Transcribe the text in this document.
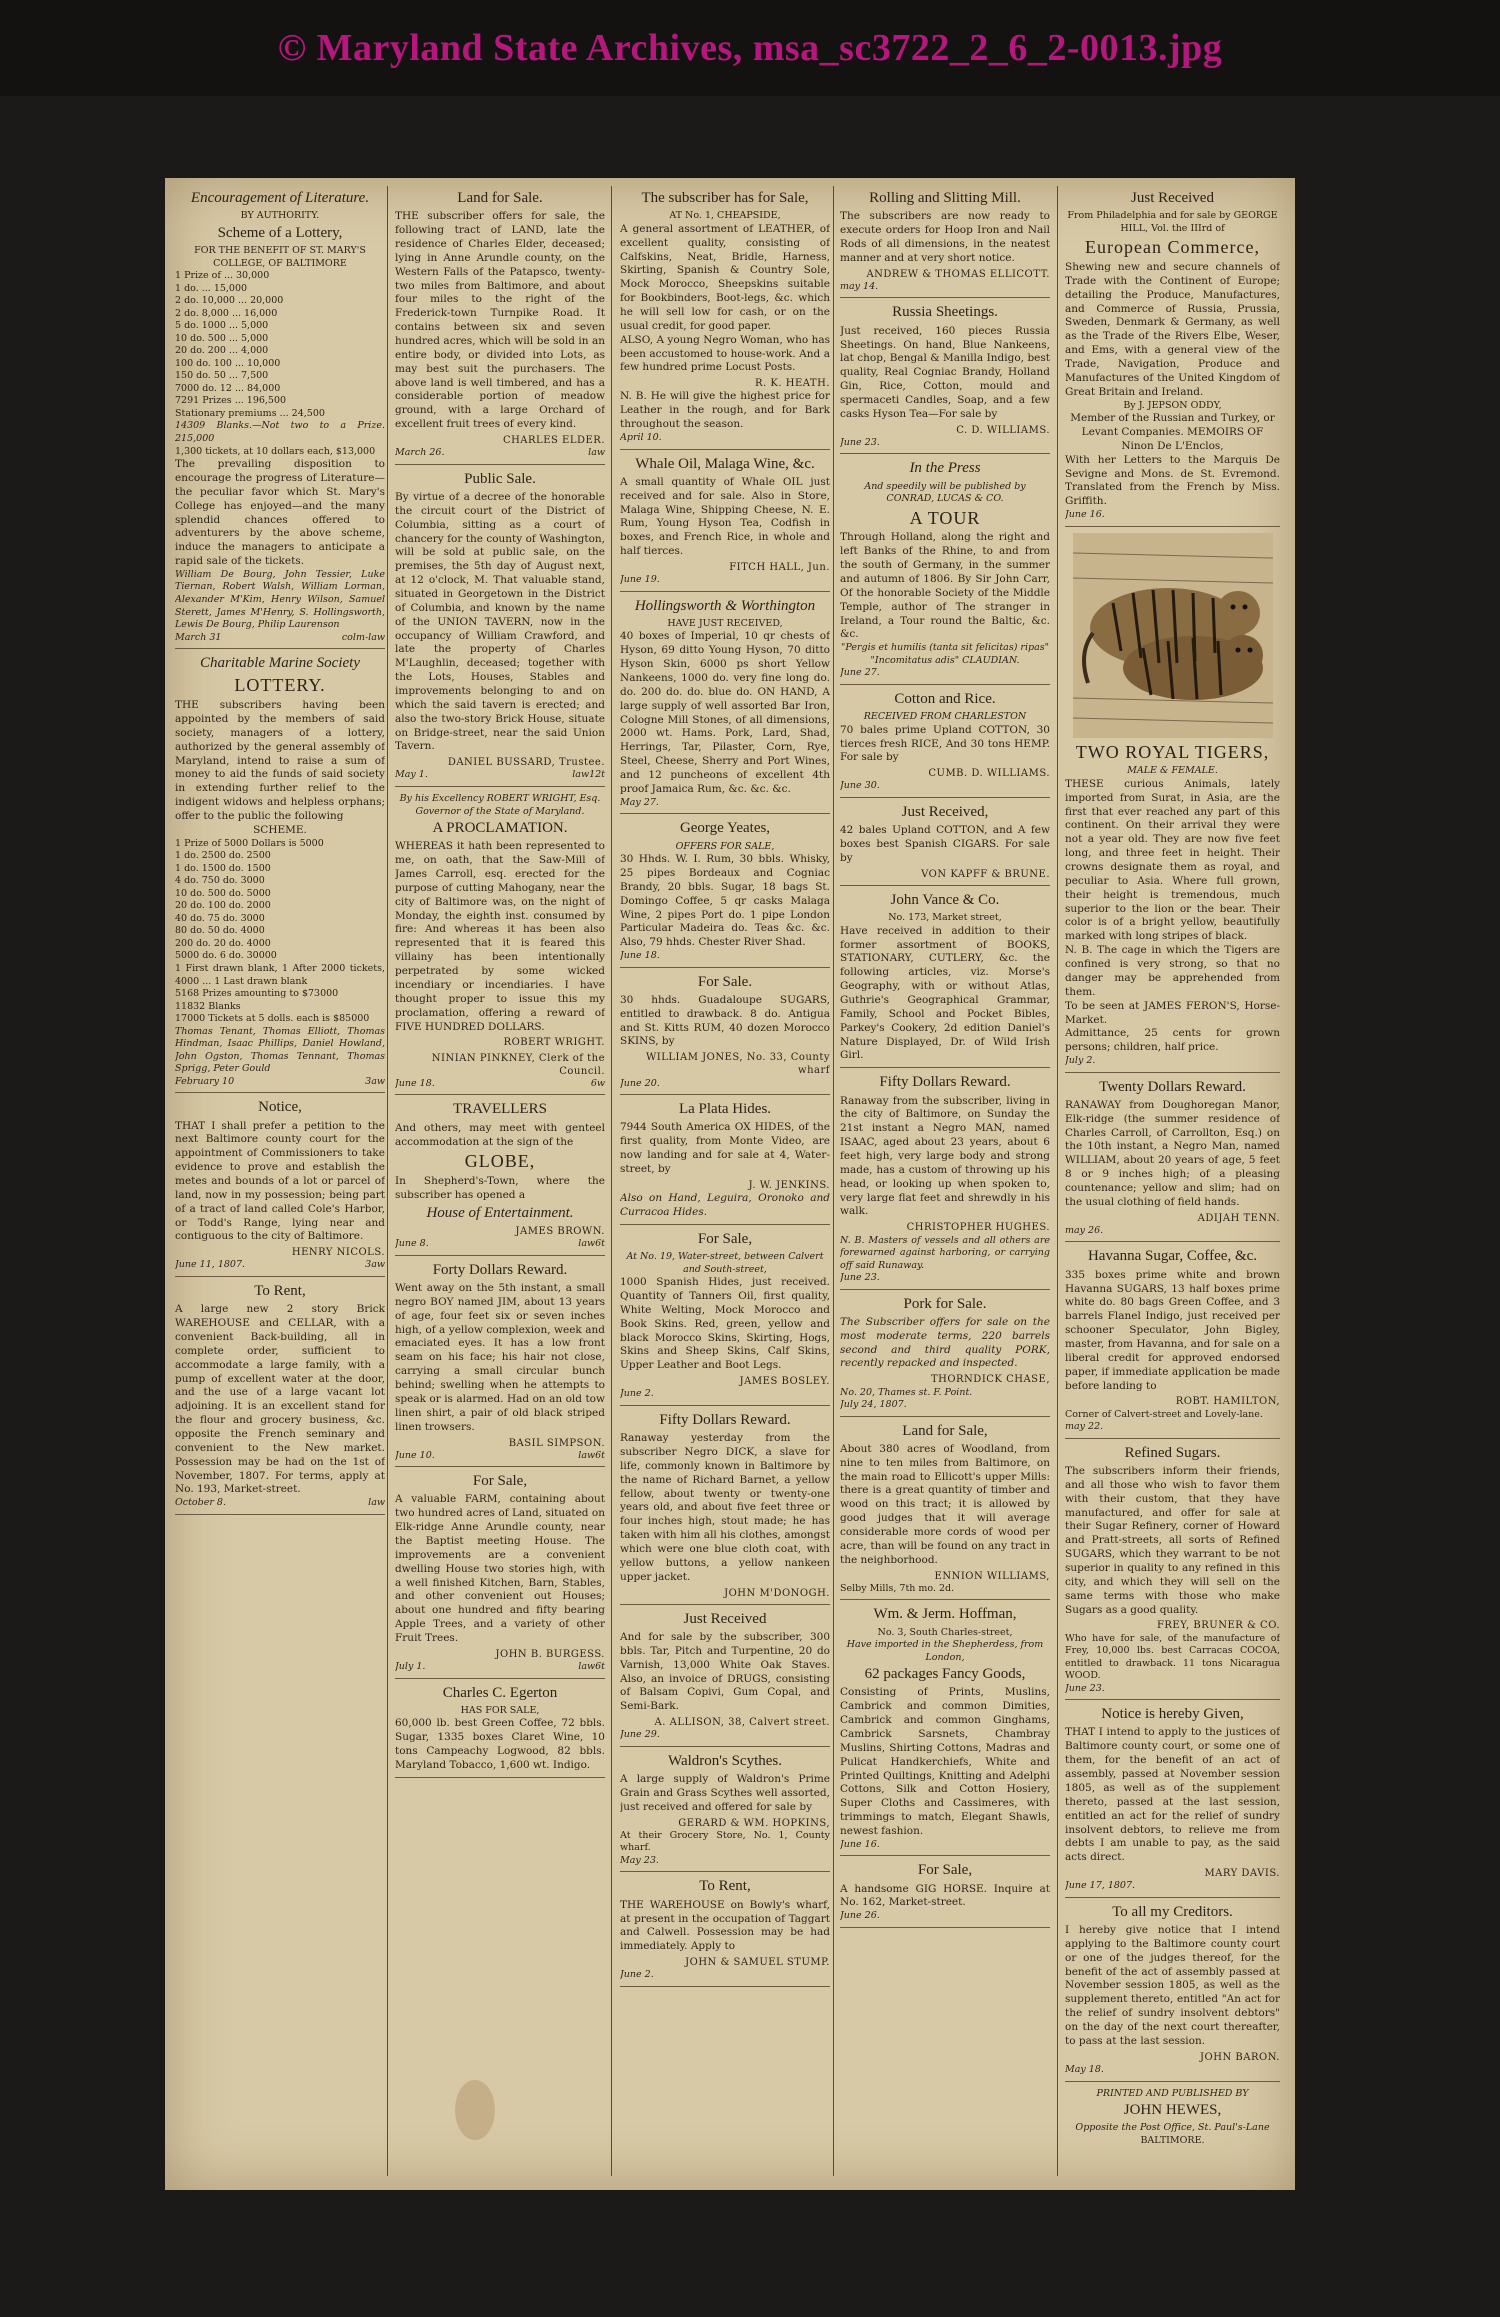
© Maryland State Archives, msa_sc3722_2_6_2-0013.jpg
Encouragement of Literature.
BY AUTHORITY.
Scheme of a Lottery,
FOR THE BENEFIT OF ST. MARY'S COLLEGE, OF BALTIMORE
1 Prize of ... 30,000
1 do. ... 15,000
2 do. 10,000 ... 20,000
2 do. 8,000 ... 16,000
5 do. 1000 ... 5,000
10 do. 500 ... 5,000
20 do. 200 ... 4,000
100 do. 100 ... 10,000
150 do. 50 ... 7,500
7000 do. 12 ... 84,000
7291 Prizes ... 196,500
Stationary premiums ... 24,500
14309 Blanks.—Not two to a Prize. 215,000
1,300 tickets, at 10 dollars each, $13,000
The prevailing disposition to encourage the progress of Literature—the peculiar favor which St. Mary's College has enjoyed—and the many splendid chances offered to adventurers by the above scheme, induce the managers to anticipate a rapid sale of the tickets.
William De Bourg, John Tessier, Luke Tiernan, Robert Walsh, William Lorman, Alexander M'Kim, Henry Wilson, Samuel Sterett, James M'Henry, S. Hollingsworth, Lewis De Bourg, Philip Laurenson
March 31	colm-law
Charitable Marine Society
LOTTERY.
THE subscribers having been appointed by the members of said society, managers of a lottery, authorized by the general assembly of Maryland, intend to raise a sum of money to aid the funds of said society in extending further relief to the indigent widows and helpless orphans; offer to the public the following
SCHEME.
1 Prize of 5000 Dollars is 5000
1 do. 2500 do. 2500
1 do. 1500 do. 1500
4 do. 750 do. 3000
10 do. 500 do. 5000
20 do. 100 do. 2000
40 do. 75 do. 3000
80 do. 50 do. 4000
200 do. 20 do. 4000
5000 do. 6 do. 30000
1 First drawn blank, 1 After 2000 tickets, 4000 ... 1 Last drawn blank
5168 Prizes amounting to $73000
11832 Blanks
17000 Tickets at 5 dolls. each is $85000
Thomas Tenant, Thomas Elliott, Thomas Hindman, Isaac Phillips, Daniel Howland, John Ogston, Thomas Tennant, Thomas Sprigg, Peter Gould
February 10	3aw
Notice,
THAT I shall prefer a petition to the next Baltimore county court for the appointment of Commissioners to take evidence to prove and establish the metes and bounds of a lot or parcel of land, now in my possession; being part of a tract of land called Cole's Harbor, or Todd's Range, lying near and contiguous to the city of Baltimore.
HENRY NICOLS.
June 11, 1807.	3aw
To Rent,
A large new 2 story Brick WAREHOUSE and CELLAR, with a convenient Back-building, all in complete order, sufficient to accommodate a large family, with a pump of excellent water at the door, and the use of a large vacant lot adjoining. It is an excellent stand for the flour and grocery business, &c. opposite the French seminary and convenient to the New market. Possession may be had on the 1st of November, 1807. For terms, apply at No. 193, Market-street.
October 8.	law
Land for Sale.
THE subscriber offers for sale, the following tract of LAND, late the residence of Charles Elder, deceased; lying in Anne Arundle county, on the Western Falls of the Patapsco, twenty-two miles from Baltimore, and about four miles to the right of the Frederick-town Turnpike Road. It contains between six and seven hundred acres, which will be sold in an entire body, or divided into Lots, as may best suit the purchasers. The above land is well timbered, and has a considerable portion of meadow ground, with a large Orchard of excellent fruit trees of every kind.
CHARLES ELDER.
March 26.	law
Public Sale.
By virtue of a decree of the honorable the circuit court of the District of Columbia, sitting as a court of chancery for the county of Washington, will be sold at public sale, on the premises, the 5th day of August next, at 12 o'clock, M. That valuable stand, situated in Georgetown in the District of Columbia, and known by the name of the UNION TAVERN, now in the occupancy of William Crawford, and late the property of Charles M'Laughlin, deceased; together with the Lots, Houses, Stables and improvements belonging to and on which the said tavern is erected; and also the two-story Brick House, situate on Bridge-street, near the said Union Tavern.
DANIEL BUSSARD, Trustee.
May 1.	law12t
By his Excellency ROBERT WRIGHT, Esq. Governor of the State of Maryland.
A PROCLAMATION.
WHEREAS it hath been represented to me, on oath, that the Saw-Mill of James Carroll, esq. erected for the purpose of cutting Mahogany, near the city of Baltimore was, on the night of Monday, the eighth inst. consumed by fire: And whereas it has been also represented that it is feared this villainy has been intentionally perpetrated by some wicked incendiary or incendiaries. I have thought proper to issue this my proclamation, offering a reward of FIVE HUNDRED DOLLARS.
ROBERT WRIGHT.
NINIAN PINKNEY, Clerk of the Council.
June 18.	6w
TRAVELLERS
And others, may meet with genteel accommodation at the sign of the
GLOBE,
In Shepherd's-Town, where the subscriber has opened a
House of Entertainment.
JAMES BROWN.
June 8.	law6t
Forty Dollars Reward.
Went away on the 5th instant, a small negro BOY named JIM, about 13 years of age, four feet six or seven inches high, of a yellow complexion, week and emaciated eyes. It has a low front seam on his face; his hair not close, carrying a small circular bunch behind; swelling when he attempts to speak or is alarmed. Had on an old tow linen shirt, a pair of old black striped linen trowsers.
BASIL SIMPSON.
June 10.	law6t
For Sale,
A valuable FARM, containing about two hundred acres of Land, situated on Elk-ridge Anne Arundle county, near the Baptist meeting House. The improvements are a convenient dwelling House two stories high, with a well finished Kitchen, Barn, Stables, and other convenient out Houses; about one hundred and fifty bearing Apple Trees, and a variety of other Fruit Trees.
JOHN B. BURGESS.
July 1.	law6t
Charles C. Egerton
HAS FOR SALE,
60,000 lb. best Green Coffee, 72 bbls. Sugar, 1335 boxes Claret Wine, 10 tons Campeachy Logwood, 82 bbls. Maryland Tobacco, 1,600 wt. Indigo.
The subscriber has for Sale,
AT No. 1, CHEAPSIDE,
A general assortment of LEATHER, of excellent quality, consisting of Calfskins, Neat, Bridle, Harness, Skirting, Spanish & Country Sole, Mock Morocco, Sheepskins suitable for Bookbinders, Boot-legs, &c. which he will sell low for cash, or on the usual credit, for good paper.
ALSO, A young Negro Woman, who has been accustomed to house-work. And a few hundred prime Locust Posts.
R. K. HEATH.
N. B. He will give the highest price for Leather in the rough, and for Bark throughout the season.
April 10.
Whale Oil, Malaga Wine, &c.
A small quantity of Whale OIL just received and for sale. Also in Store, Malaga Wine, Shipping Cheese, N. E. Rum, Young Hyson Tea, Codfish in boxes, and French Rice, in whole and half tierces.
FITCH HALL, Jun.
June 19.
Hollingsworth & Worthington
HAVE JUST RECEIVED,
40 boxes of Imperial, 10 qr chests of Hyson, 69 ditto Young Hyson, 70 ditto Hyson Skin, 6000 ps short Yellow Nankeens, 1000 do. very fine long do. do. 200 do. do. blue do. ON HAND, A large supply of well assorted Bar Iron, Cologne Mill Stones, of all dimensions, 2000 wt. Hams. Pork, Lard, Shad, Herrings, Tar, Pilaster, Corn, Rye, Steel, Cheese, Sherry and Port Wines, and 12 puncheons of excellent 4th proof Jamaica Rum, &c. &c. &c.
May 27.
George Yeates,
OFFERS FOR SALE,
30 Hhds. W. I. Rum, 30 bbls. Whisky, 25 pipes Bordeaux and Cogniac Brandy, 20 bbls. Sugar, 18 bags St. Domingo Coffee, 5 qr casks Malaga Wine, 2 pipes Port do. 1 pipe London Particular Madeira do. Teas &c. &c. Also, 79 hhds. Chester River Shad.
June 18.
For Sale.
30 hhds. Guadaloupe SUGARS, entitled to drawback. 8 do. Antigua and St. Kitts RUM, 40 dozen Morocco SKINS, by
WILLIAM JONES, No. 33, County wharf
June 20.
La Plata Hides.
7944 South America OX HIDES, of the first quality, from Monte Video, are now landing and for sale at 4, Water-street, by
J. W. JENKINS.
Also on Hand, Leguira, Oronoko and Curracoa Hides.
For Sale,
At No. 19, Water-street, between Calvert and South-street,
1000 Spanish Hides, just received. Quantity of Tanners Oil, first quality, White Welting, Mock Morocco and Book Skins. Red, green, yellow and black Morocco Skins, Skirting, Hogs, Skins and Sheep Skins, Calf Skins, Upper Leather and Boot Legs.
JAMES BOSLEY.
June 2.
Fifty Dollars Reward.
Ranaway yesterday from the subscriber Negro DICK, a slave for life, commonly known in Baltimore by the name of Richard Barnet, a yellow fellow, about twenty or twenty-one years old, and about five feet three or four inches high, stout made; he has taken with him all his clothes, amongst which were one blue cloth coat, with yellow buttons, a yellow nankeen upper jacket.
JOHN M'DONOGH.
Just Received
And for sale by the subscriber, 300 bbls. Tar, Pitch and Turpentine, 20 do Varnish, 13,000 White Oak Staves. Also, an invoice of DRUGS, consisting of Balsam Copivi, Gum Copal, and Semi-Bark.
A. ALLISON, 38, Calvert street.
June 29.
Waldron's Scythes.
A large supply of Waldron's Prime Grain and Grass Scythes well assorted, just received and offered for sale by
GERARD & WM. HOPKINS,
At their Grocery Store, No. 1, County wharf.
May 23.
To Rent,
THE WAREHOUSE on Bowly's wharf, at present in the occupation of Taggart and Calwell. Possession may be had immediately. Apply to
JOHN & SAMUEL STUMP.
June 2.
Rolling and Slitting Mill.
The subscribers are now ready to execute orders for Hoop Iron and Nail Rods of all dimensions, in the neatest manner and at very short notice.
ANDREW & THOMAS ELLICOTT.
may 14.
Russia Sheetings.
Just received, 160 pieces Russia Sheetings. On hand, Blue Nankeens, lat chop, Bengal & Manilla Indigo, best quality, Real Cogniac Brandy, Holland Gin, Rice, Cotton, mould and spermaceti Candles, Soap, and a few casks Hyson Tea—For sale by
C. D. WILLIAMS.
June 23.
In the Press
And speedily will be published by CONRAD, LUCAS & CO.
A TOUR
Through Holland, along the right and left Banks of the Rhine, to and from the south of Germany, in the summer and autumn of 1806. By Sir John Carr, Of the honorable Society of the Middle Temple, author of The stranger in Ireland, a Tour round the Baltic, &c. &c.
"Pergis et humilis (tanta sit felicitas) ripas" "Incomitatus adis" CLAUDIAN.
June 27.
Cotton and Rice.
RECEIVED FROM CHARLESTON
70 bales prime Upland COTTON, 30 tierces fresh RICE, And 30 tons HEMP. For sale by
CUMB. D. WILLIAMS.
June 30.
Just Received,
42 bales Upland COTTON, and A few boxes best Spanish CIGARS. For sale by
VON KAPFF & BRUNE.
John Vance & Co.
No. 173, Market street,
Have received in addition to their former assortment of BOOKS, STATIONARY, CUTLERY, &c. the following articles, viz. Morse's Geography, with or without Atlas, Guthrie's Geographical Grammar, Family, School and Pocket Bibles, Parkey's Cookery, 2d edition Daniel's Nature Displayed, Dr. of Wild Irish Girl.
Fifty Dollars Reward.
Ranaway from the subscriber, living in the city of Baltimore, on Sunday the 21st instant a Negro MAN, named ISAAC, aged about 23 years, about 6 feet high, very large body and strong made, has a custom of throwing up his head, or looking up when spoken to, very large flat feet and shrewdly in his walk.
CHRISTOPHER HUGHES.
N. B. Masters of vessels and all others are forewarned against harboring, or carrying off said Runaway.
June 23.
Pork for Sale.
The Subscriber offers for sale on the most moderate terms, 220 barrels second and third quality PORK, recently repacked and inspected.
THORNDICK CHASE,
No. 20, Thames st. F. Point.
July 24, 1807.
Land for Sale,
About 380 acres of Woodland, from nine to ten miles from Baltimore, on the main road to Ellicott's upper Mills: there is a great quantity of timber and wood on this tract; it is allowed by good judges that it will average considerable more cords of wood per acre, than will be found on any tract in the neighborhood.
ENNION WILLIAMS,
Selby Mills, 7th mo. 2d.
Wm. & Jerm. Hoffman,
No. 3, South Charles-street,
Have imported in the Shepherdess, from London,
62 packages Fancy Goods,
Consisting of Prints, Muslins, Cambrick and common Dimities, Cambrick and common Ginghams, Cambrick Sarsnets, Chambray Muslins, Shirting Cottons, Madras and Pulicat Handkerchiefs, White and Printed Quiltings, Knitting and Adelphi Cottons, Silk and Cotton Hosiery, Super Cloths and Cassimeres, with trimmings to match, Elegant Shawls, newest fashion.
June 16.
For Sale,
A handsome GIG HORSE. Inquire at No. 162, Market-street.
June 26.
Just Received
From Philadelphia and for sale by GEORGE HILL, Vol. the IIIrd of
European Commerce,
Shewing new and secure channels of Trade with the Continent of Europe; detailing the Produce, Manufactures, and Commerce of Russia, Prussia, Sweden, Denmark & Germany, as well as the Trade of the Rivers Elbe, Weser, and Ems, with a general view of the Trade, Navigation, Produce and Manufactures of the United Kingdom of Great Britain and Ireland.
By J. JEPSON ODDY,
Member of the Russian and Turkey, or Levant Companies. MEMOIRS OF Ninon De L'Enclos,
With her Letters to the Marquis De Sevigne and Mons. de St. Evremond. Translated from the French by Miss. Griffith.
June 16.
TWO ROYAL TIGERS,
MALE & FEMALE.
THESE curious Animals, lately imported from Surat, in Asia, are the first that ever reached any part of this continent. On their arrival they were not a year old. They are now five feet long, and three feet in height. Their crowns designate them as royal, and peculiar to Asia. Where full grown, their height is tremendous, much superior to the lion or the bear. Their color is of a bright yellow, beautifully marked with long stripes of black.
N. B. The cage in which the Tigers are confined is very strong, so that no danger may be apprehended from them.
To be seen at JAMES FERON'S, Horse-Market.
Admittance, 25 cents for grown persons; children, half price.
July 2.
Twenty Dollars Reward.
RANAWAY from Doughoregan Manor, Elk-ridge (the summer residence of Charles Carroll, of Carrollton, Esq.) on the 10th instant, a Negro Man, named WILLIAM, about 20 years of age, 5 feet 8 or 9 inches high; of a pleasing countenance; yellow and slim; had on the usual clothing of field hands.
ADIJAH TENN.
may 26.
Havanna Sugar, Coffee, &c.
335 boxes prime white and brown Havanna SUGARS, 13 half boxes prime white do. 80 bags Green Coffee, and 3 barrels Flanel Indigo, just received per schooner Speculator, John Bigley, master, from Havanna, and for sale on a liberal credit for approved endorsed paper, if immediate application be made before landing to
ROBT. HAMILTON,
Corner of Calvert-street and Lovely-lane.
may 22.
Refined Sugars.
The subscribers inform their friends, and all those who wish to favor them with their custom, that they have manufactured, and offer for sale at their Sugar Refinery, corner of Howard and Pratt-streets, all sorts of Refined SUGARS, which they warrant to be not superior in quality to any refined in this city, and which they will sell on the same terms with those who make Sugars as a good quality.
FREY, BRUNER & CO.
Who have for sale, of the manufacture of Frey, 10,000 lbs. best Carracas COCOA, entitled to drawback. 11 tons Nicaragua WOOD.
June 23.
Notice is hereby Given,
THAT I intend to apply to the justices of Baltimore county court, or some one of them, for the benefit of an act of assembly, passed at November session 1805, as well as of the supplement thereto, passed at the last session, entitled an act for the relief of sundry insolvent debtors, to relieve me from debts I am unable to pay, as the said acts direct.
MARY DAVIS.
June 17, 1807.
To all my Creditors.
I hereby give notice that I intend applying to the Baltimore county court or one of the judges thereof, for the benefit of the act of assembly passed at November session 1805, as well as the supplement thereto, entitled "An act for the relief of sundry insolvent debtors" on the day of the next court thereafter, to pass at the last session.
JOHN BARON.
May 18.
PRINTED AND PUBLISHED BY
JOHN HEWES,
Opposite the Post Office, St. Paul's-Lane
BALTIMORE.
